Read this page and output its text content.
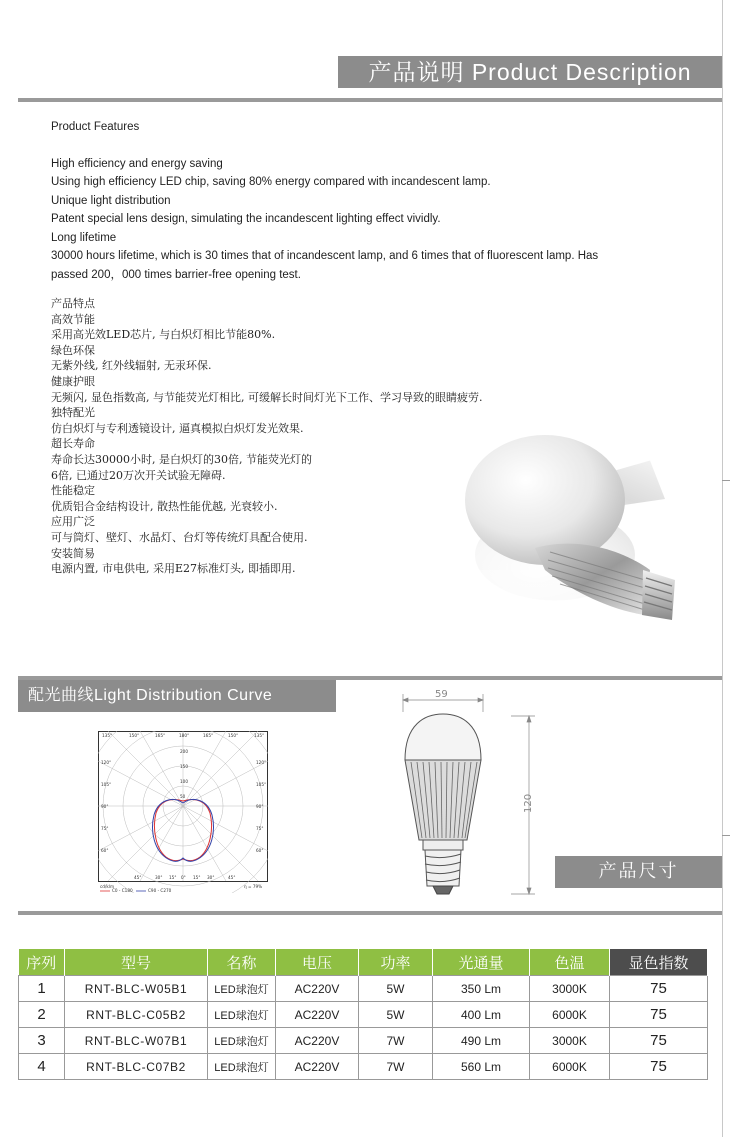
产品说明 Product Description
Product Features
High efficiency and energy saving
Using high efficiency LED chip, saving 80% energy compared with incandescent lamp.
Unique light distribution
Patent special lens design, simulating the incandescent lighting effect vividly.
Long lifetime
30000 hours lifetime, which is 30 times that of incandescent lamp, and 6 times that of fluorescent lamp. Has
passed 200，000 times barrier-free opening test.
产品特点
高效节能
采用高光效LED芯片, 与白炽灯相比节能80%.
绿色环保
无紫外线, 红外线辐射, 无汞环保.
健康护眼
无频闪, 显色指数高, 与节能荧光灯相比, 可缓解长时间灯光下工作、学习导致的眼睛疲劳.
独特配光
仿白炽灯与专利透镜设计, 逼真模拟白炽灯发光效果.
超长寿命
寿命长达30000小时, 是白炽灯的30倍, 节能荧光灯的
6倍, 已通过20万次开关试验无障碍.
性能稳定
优质铝合金结构设计, 散热性能优越, 光衰较小.
应用广泛
可与筒灯、壁灯、水晶灯、台灯等传统灯具配合使用.
安装简易
电源内置, 市电供电, 采用E27标准灯头, 即插即用.
配光曲线Light Distribution Curve
135°	150°	165°	180°	165°	150°	135°
120°
105°
90°
75°
60°
120°
105°
90°
75°
60°
45°	30° 15° 0° 15° 30°	45°
200
150
100
50
cd/klm
C0 - C180	C90 - C270
η = 79%
59
120
产品尺寸
序列	型号	名称	电压	功率	光通量	色温	显色指数
1	RNT-BLC-W05B1	LED球泡灯	AC220V	5W	350 Lm	3000K	75
2	RNT-BLC-C05B2	LED球泡灯	AC220V	5W	400 Lm	6000K	75
3	RNT-BLC-W07B1	LED球泡灯	AC220V	7W	490 Lm	3000K	75
4	RNT-BLC-C07B2	LED球泡灯	AC220V	7W	560 Lm	6000K	75
